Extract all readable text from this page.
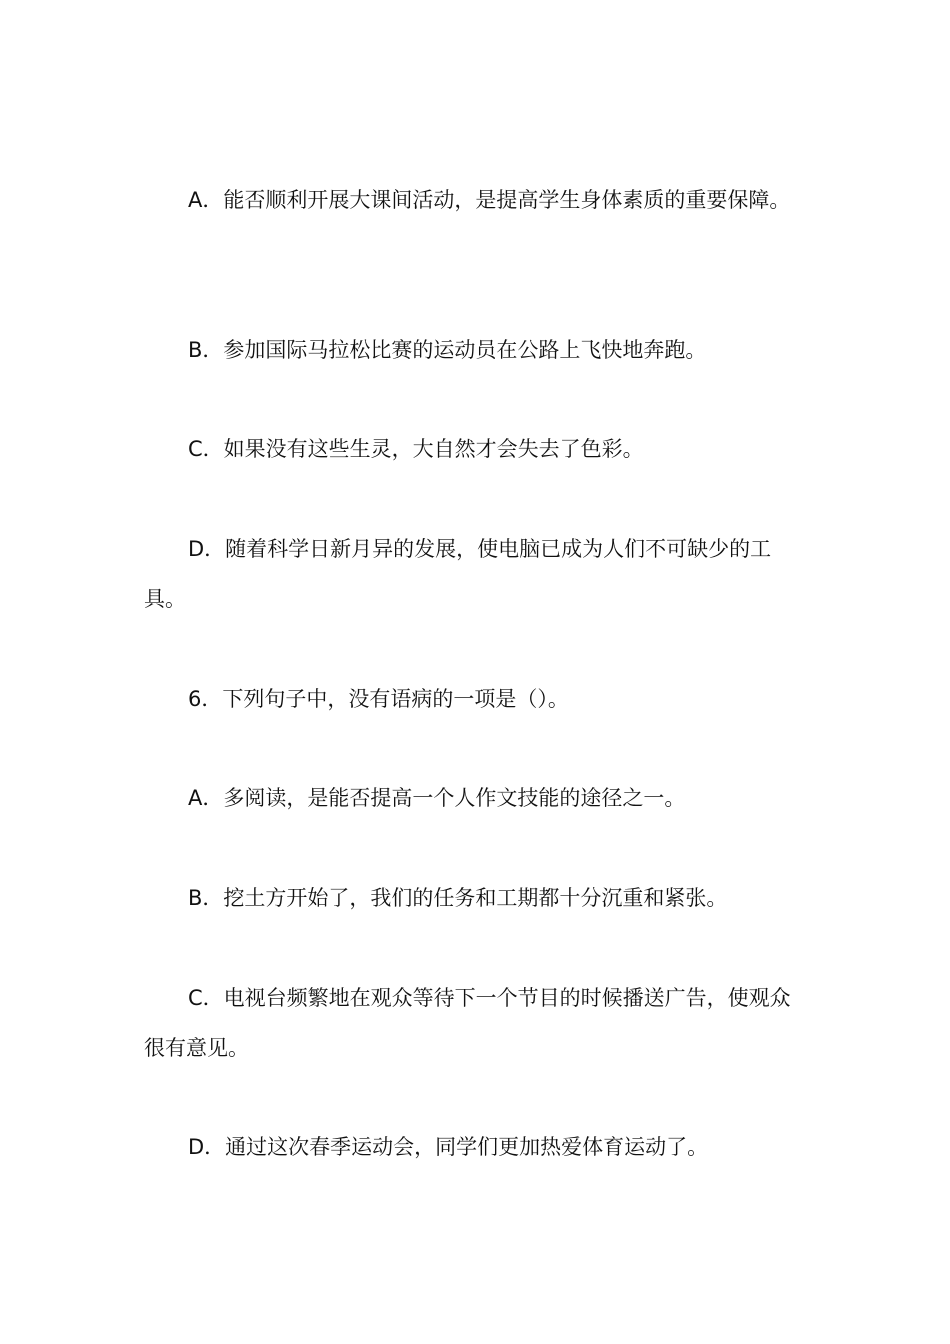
A．能否顺利开展大课间活动，是提高学生身体素质的重要保障。

B．参加国际马拉松比赛的运动员在公路上飞快地奔跑。

C．如果没有这些生灵，大自然才会失去了色彩。

D．随着科学日新月异的发展，使电脑已成为人们不可缺少的工具。

6．下列句子中，没有语病的一项是（）。

A．多阅读，是能否提高一个人作文技能的途径之一。

B．挖土方开始了，我们的任务和工期都十分沉重和紧张。

C．电视台频繁地在观众等待下一个节目的时候播送广告，使观众很有意见。

D．通过这次春季运动会，同学们更加热爱体育运动了。
